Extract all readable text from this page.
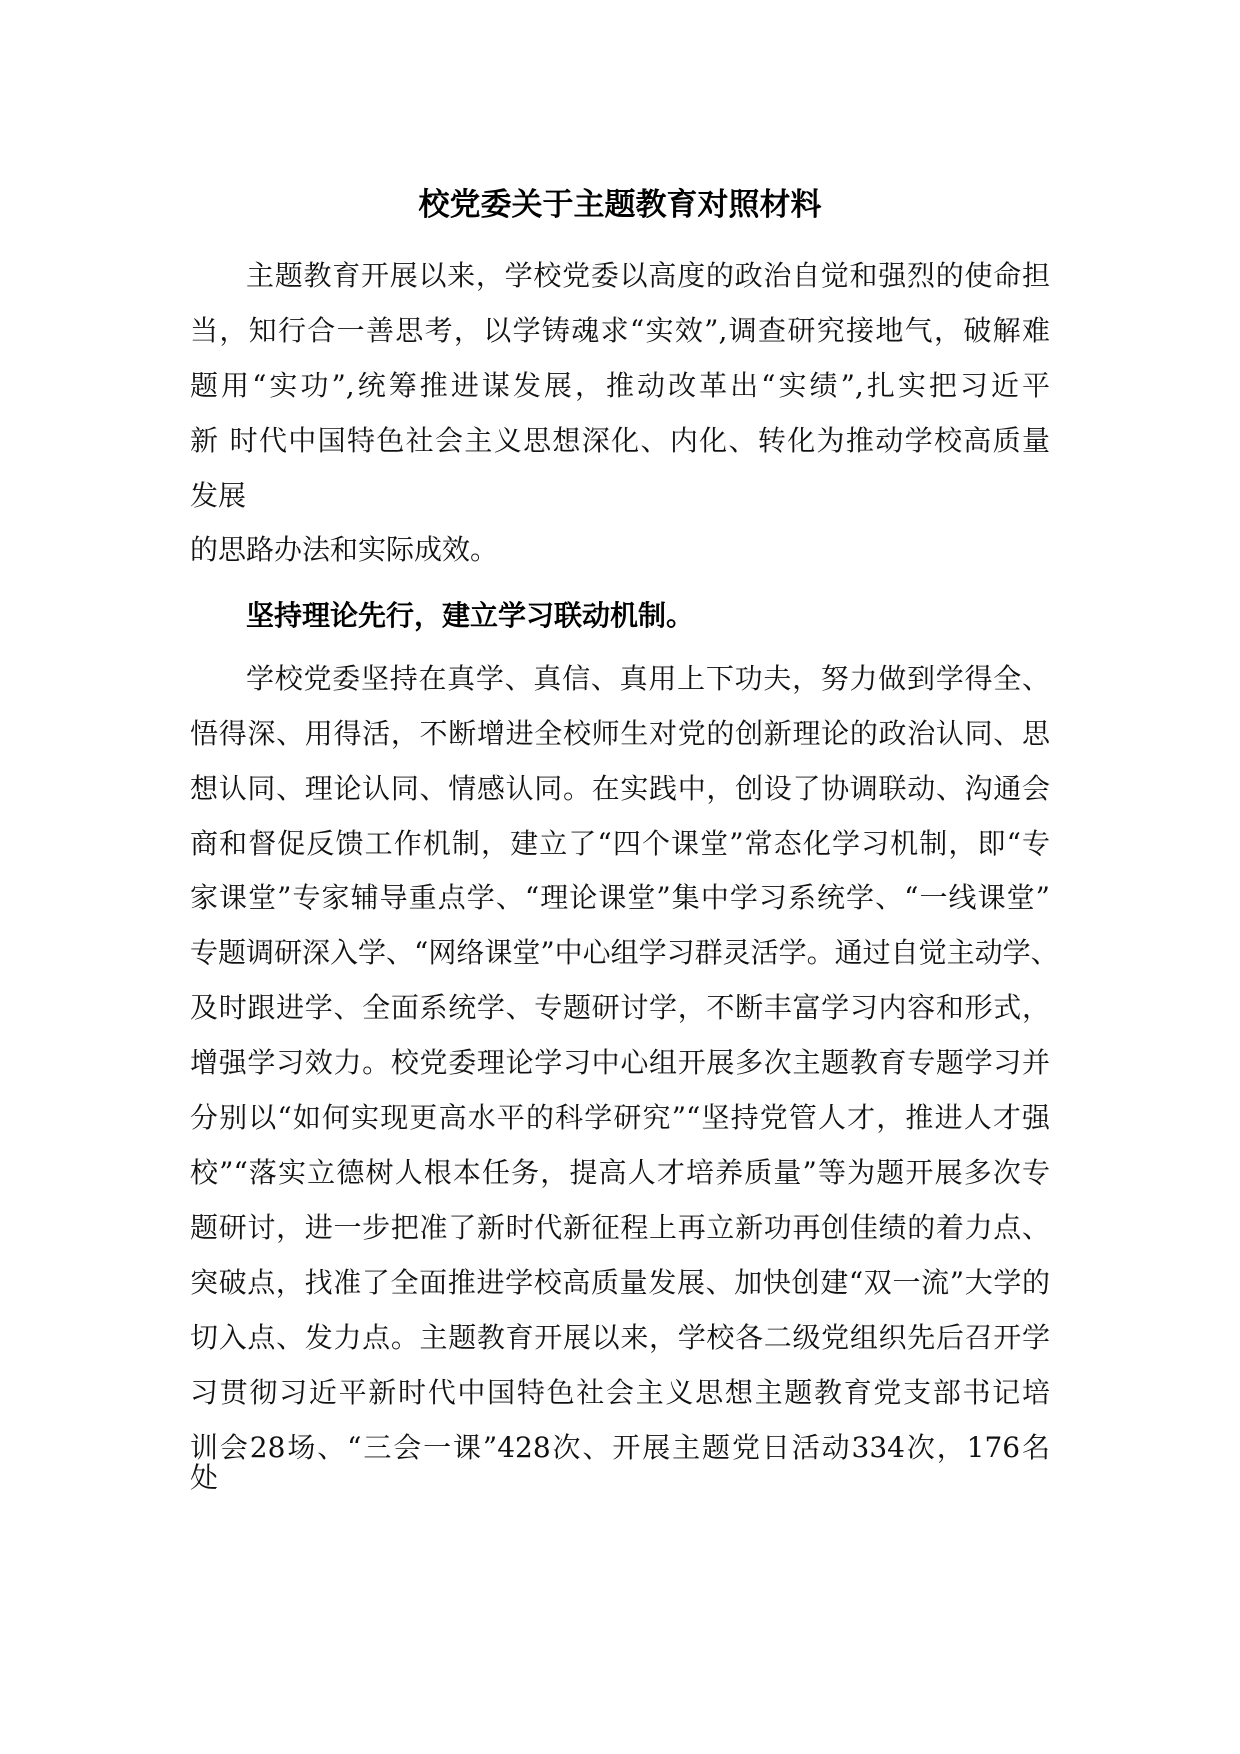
校党委关于主题教育对照材料
主题教育开展以来，学校党委以高度的政治自觉和强烈的使命担
当，知行合一善思考，以学铸魂求“实效”,调查研究接地气，破解难
题用“实功”,统筹推进谋发展，推动改革出“实绩”,扎实把习近平
新 时代中国特色社会主义思想深化、内化、转化为推动学校高质量
发展
的思路办法和实际成效。
坚持理论先行，建立学习联动机制。
学校党委坚持在真学、真信、真用上下功夫，努力做到学得全、
悟得深、用得活，不断增进全校师生对党的创新理论的政治认同、思
想认同、理论认同、情感认同。在实践中，创设了协调联动、沟通会
商和督促反馈工作机制，建立了“四个课堂”常态化学习机制，即“专
家课堂”专家辅导重点学、“理论课堂”集中学习系统学、“一线课堂”
专题调研深入学、“网络课堂”中心组学习群灵活学。通过自觉主动学、
及时跟进学、全面系统学、专题研讨学，不断丰富学习内容和形式，
增强学习效力。校党委理论学习中心组开展多次主题教育专题学习并
分别以“如何实现更高水平的科学研究”“坚持党管人才，推进人才强
校”“落实立德树人根本任务，提高人才培养质量”等为题开展多次专
题研讨，进一步把准了新时代新征程上再立新功再创佳绩的着力点、
突破点，找准了全面推进学校高质量发展、加快创建“双一流”大学的
切入点、发力点。主题教育开展以来，学校各二级党组织先后召开学
习贯彻习近平新时代中国特色社会主义思想主题教育党支部书记培
训会28场、“三会一课”428次、开展主题党日活动334次，176名
处
